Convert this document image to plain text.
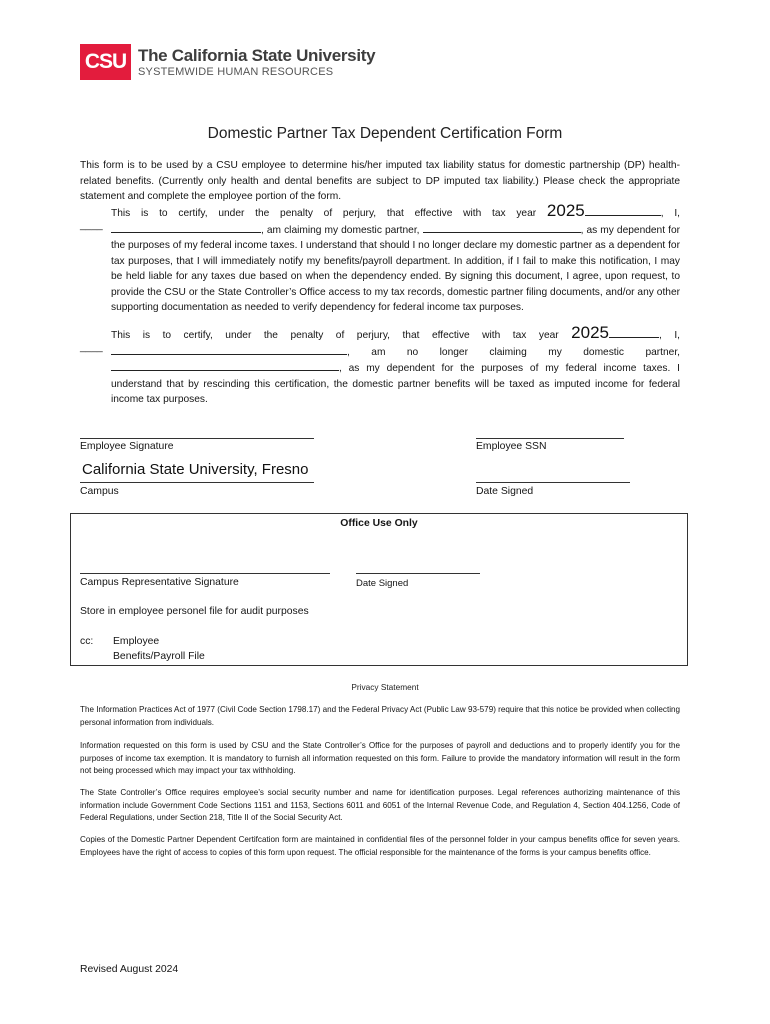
CSU The California State University
SYSTEMWIDE HUMAN RESOURCES
Domestic Partner Tax Dependent Certification Form

This form is to be used by a CSU employee to determine his/her imputed tax liability status for domestic partnership (DP) health-related benefits. (Currently only health and dental benefits are subject to DP imputed tax liability.) Please check the appropriate statement and complete the employee portion of the form.

____

This is to certify, under the penalty of perjury, that effective with tax year 2025	, I, , am claiming my domestic partner,	, as my dependent for the purposes of my federal income taxes. I understand that should I no longer declare my domestic partner as a dependent for tax purposes, that I will immediately notify my benefits/payroll department. In addition, if I fail to make this notification, I may be held liable for any taxes due based on when the dependency ended. By signing this document, I agree, upon request, to provide the CSU or the State Controller’s Office access to my tax records, domestic partner filing documents, and/or any other supporting documentation as needed to verify dependency for federal income tax purposes.

____

This is to certify, under the penalty of perjury, that effective with tax year 2025	, I, , am no longer claiming my domestic partner, , as my dependent for the purposes of my federal income taxes. I understand that by rescinding this certification, the domestic partner benefits will be taxed as imputed income for federal income tax purposes.

Employee Signature	Employee SSN
California State University, Fresno
Campus	Date Signed
Office Use Only
Campus Representative Signature	Date Signed
Store in employee personel file for audit purposes
cc: Employee
Benefits/Payroll File
Privacy Statement

The Information Practices Act of 1977 (Civil Code Section 1798.17) and the Federal Privacy Act (Public Law 93-579) require that this notice be provided when collecting personal information from individuals.

Information requested on this form is used by CSU and the State Controller’s Office for the purposes of payroll and deductions and to properly identify you for the purposes of income tax exemption. It is mandatory to furnish all information requested on this form. Failure to provide the mandatory information will result in the form not being processed which may impact your tax withholding.

The State Controller’s Office requires employee’s social security number and name for identification purposes. Legal references authorizing maintenance of this information include Government Code Sections 1151 and 1153, Sections 6011 and 6051 of the Internal Revenue Code, and Regulation 4, Section 404.1256, Code of Federal Regulations, under Section 218, Title II of the Social Security Act.

Copies of the Domestic Partner Dependent Certifcation form are maintained in confidential files of the personnel folder in your campus benefits office for seven years. Employees have the right of access to copies of this form upon request. The official responsible for the maintenance of the forms is your campus benefits office.

Revised August 2024
